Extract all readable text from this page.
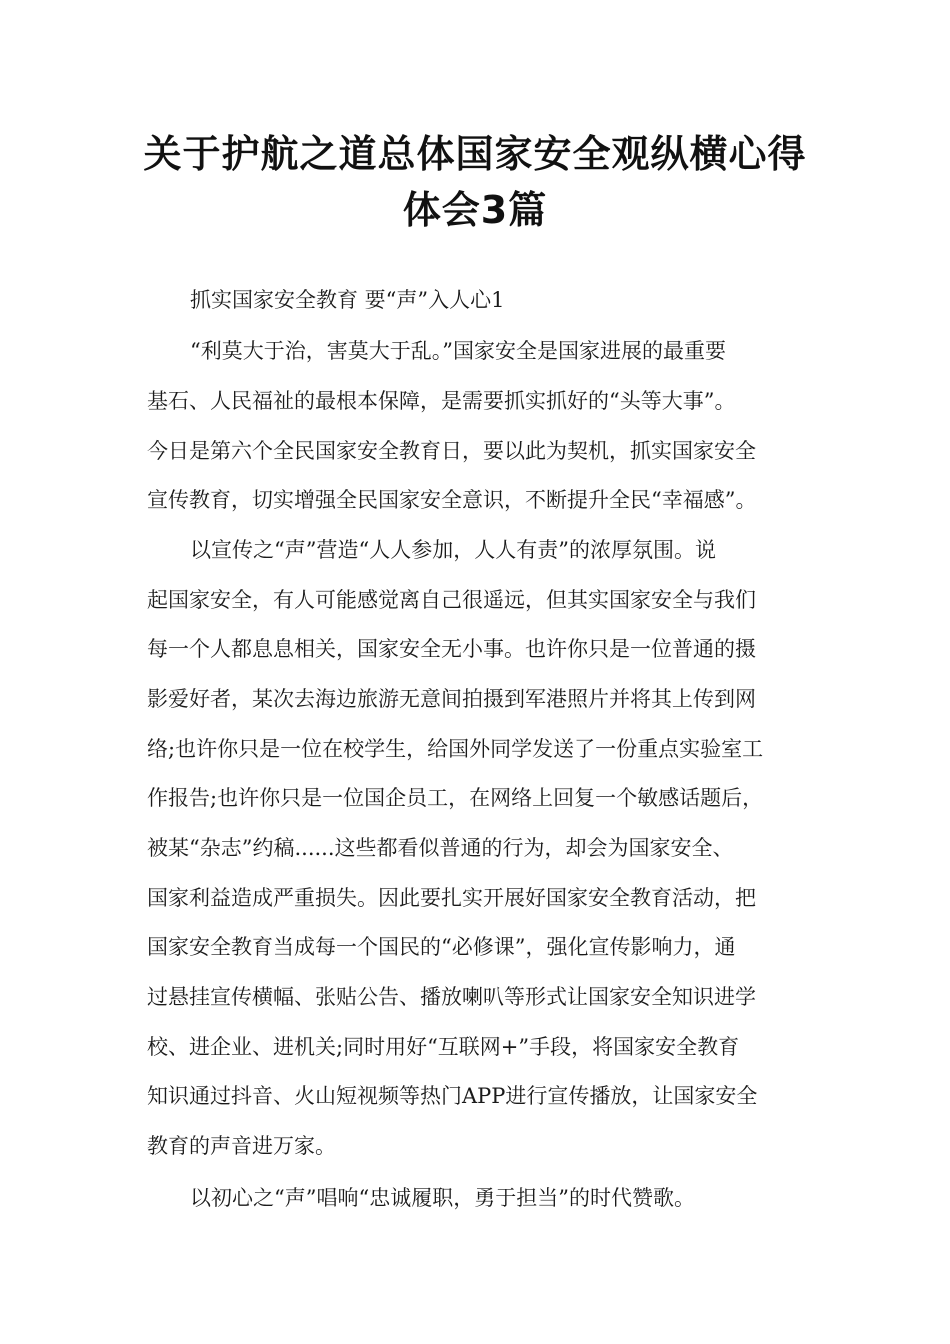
关于护航之道总体国家安全观纵横心得
体会3篇
抓实国家安全教育 要“声”入人心1
“利莫大于治，害莫大于乱。”国家安全是国家进展的最重要
基石、人民福祉的最根本保障，是需要抓实抓好的“头等大事”。
今日是第六个全民国家安全教育日，要以此为契机，抓实国家安全
宣传教育，切实增强全民国家安全意识，不断提升全民“幸福感”。
以宣传之“声”营造“人人参加，人人有责”的浓厚氛围。说
起国家安全，有人可能感觉离自己很遥远，但其实国家安全与我们
每一个人都息息相关，国家安全无小事。也许你只是一位普通的摄
影爱好者，某次去海边旅游无意间拍摄到军港照片并将其上传到网
络;也许你只是一位在校学生，给国外同学发送了一份重点实验室工
作报告;也许你只是一位国企员工，在网络上回复一个敏感话题后，
被某“杂志”约稿......这些都看似普通的行为，却会为国家安全、
国家利益造成严重损失。因此要扎实开展好国家安全教育活动，把
国家安全教育当成每一个国民的“必修课”，强化宣传影响力，通
过悬挂宣传横幅、张贴公告、播放喇叭等形式让国家安全知识进学
校、进企业、进机关;同时用好“互联网+”手段，将国家安全教育
知识通过抖音、火山短视频等热门APP进行宣传播放，让国家安全
教育的声音进万家。
以初心之“声”唱响“忠诚履职，勇于担当”的时代赞歌。
